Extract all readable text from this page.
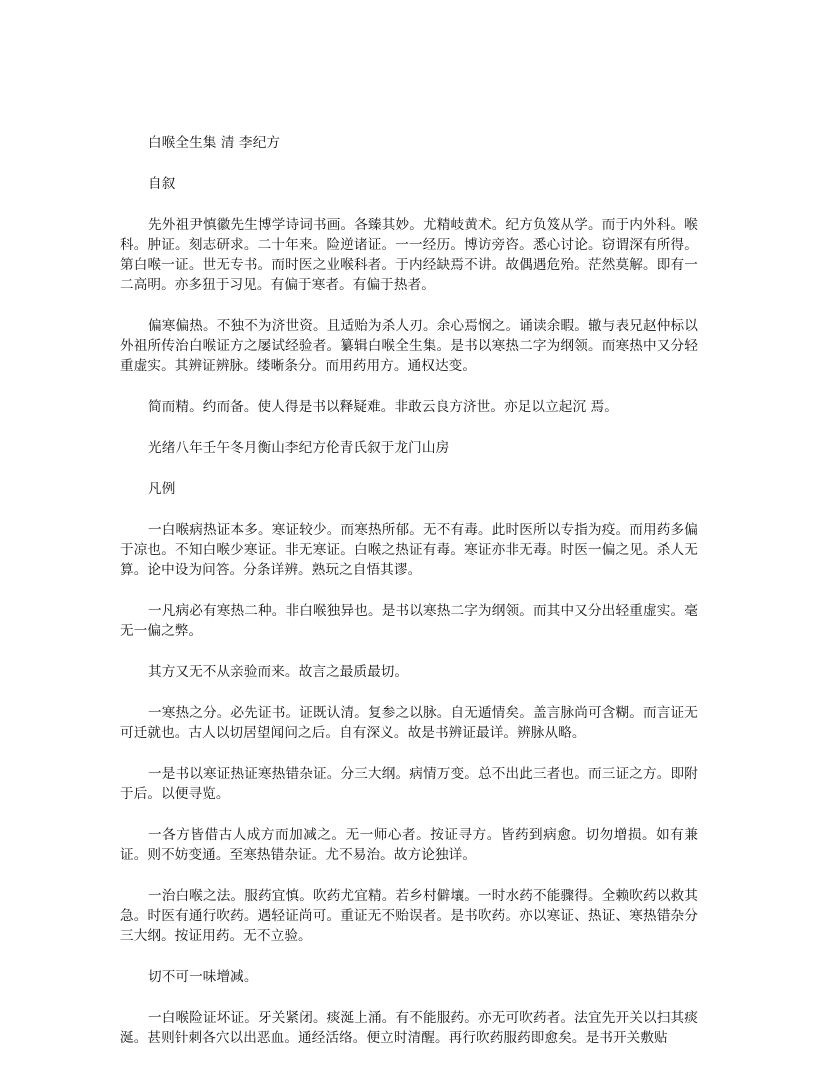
白喉全生集 清 李纪方

自叙

先外祖尹慎徽先生博学诗词书画。各臻其妙。尤精岐黄术。纪方负笈从学。而于内外科。喉科。肿证。刻志研求。二十年来。险逆诸证。一一经历。博访旁咨。悉心讨论。窃谓深有所得。第白喉一证。世无专书。而时医之业喉科者。于内经缺焉不讲。故偶遇危殆。茫然莫解。即有一二高明。亦多狃于习见。有偏于寒者。有偏于热者。

偏寒偏热。不独不为济世资。且适贻为杀人刃。余心焉悯之。诵读余暇。辙与表兄赵仲标以外祖所传治白喉证方之屡试经验者。纂辑白喉全生集。是书以寒热二字为纲领。而寒热中又分轻重虚实。其辨证辨脉。缕晰条分。而用药用方。通权达变。

简而精。约而备。使人得是书以释疑难。非敢云良方济世。亦足以立起沉 焉。

光绪八年壬午冬月衡山李纪方伦青氏叙于龙门山房

凡例

一白喉病热证本多。寒证较少。而寒热所郁。无不有毒。此时医所以专指为疫。而用药多偏于凉也。不知白喉少寒证。非无寒证。白喉之热证有毒。寒证亦非无毒。时医一偏之见。杀人无算。论中设为问答。分条详辨。熟玩之自悟其谬。

一凡病必有寒热二种。非白喉独异也。是书以寒热二字为纲领。而其中又分出轻重虚实。毫无一偏之弊。

其方又无不从亲验而来。故言之最质最切。

一寒热之分。必先证书。证既认清。复参之以脉。自无遁情矣。盖言脉尚可含糊。而言证无可迁就也。古人以切居望闻问之后。自有深义。故是书辨证最详。辨脉从略。

一是书以寒证热证寒热错杂证。分三大纲。病情万变。总不出此三者也。而三证之方。即附于后。以便寻览。

一各方皆借古人成方而加减之。无一师心者。按证寻方。皆药到病愈。切勿增损。如有兼证。则不妨变通。至寒热错杂证。尤不易治。故方论独详。

一治白喉之法。服药宜慎。吹药尤宜精。若乡村僻壤。一时水药不能骤得。全赖吹药以救其急。时医有通行吹药。遇轻证尚可。重证无不贻误者。是书吹药。亦以寒证、热证、寒热错杂分三大纲。按证用药。无不立验。

切不可一味增减。

一白喉险证坏证。牙关紧闭。痰涎上涌。有不能服药。亦无可吹药者。法宜先开关以扫其痰涎。甚则针刺各穴以出恶血。通经活络。便立时清醒。再行吹药服药即愈矣。是书开关敷贴
